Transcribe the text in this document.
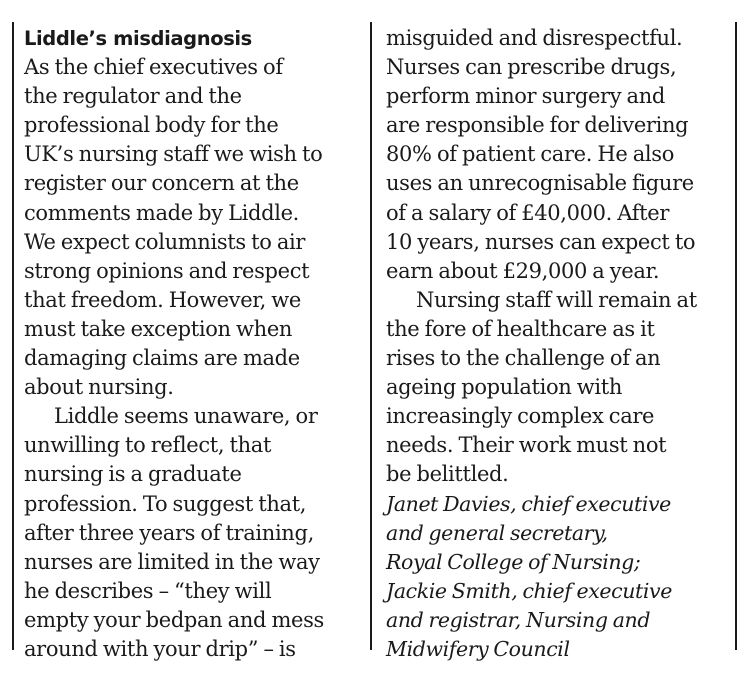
Liddle’s misdiagnosis
As the chief executives of
the regulator and the
professional body for the
UK’s nursing staff we wish to
register our concern at the
comments made by Liddle.
We expect columnists to air
strong opinions and respect
that freedom. However, we
must take exception when
damaging claims are made
about nursing.
Liddle seems unaware, or
unwilling to reflect, that
nursing is a graduate
profession. To suggest that,
after three years of training,
nurses are limited in the way
he describes – “they will
empty your bedpan and mess
around with your drip” – is
misguided and disrespectful.
Nurses can prescribe drugs,
perform minor surgery and
are responsible for delivering
80% of patient care. He also
uses an unrecognisable figure
of a salary of £40,000. After
10 years, nurses can expect to
earn about £29,000 a year.
Nursing staff will remain at
the fore of healthcare as it
rises to the challenge of an
ageing population with
increasingly complex care
needs. Their work must not
be belittled.
Janet Davies, chief executive
and general secretary,
Royal College of Nursing;
Jackie Smith, chief executive
and registrar, Nursing and
Midwifery Council
